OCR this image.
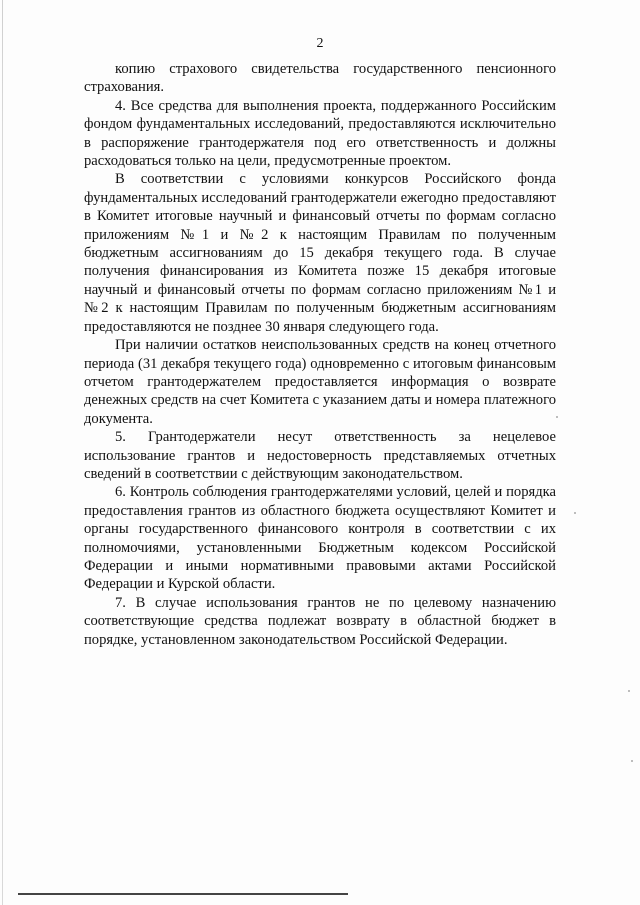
2

копию страхового свидетельства государственного пенсионного страхования.

4. Все средства для выполнения проекта, поддержанного Российским фондом фундаментальных исследований, предоставляются исключительно в распоряжение грантодержателя под его ответственность и должны расходоваться только на цели, предусмотренные проектом.

В соответствии с условиями конкурсов Российского фонда фундаментальных исследований грантодержатели ежегодно предоставляют в Комитет итоговые научный и финансовый отчеты по формам согласно приложениям №1 и №2 к настоящим Правилам по полученным бюджетным ассигнованиям до 15 декабря текущего года. В случае получения финансирования из Комитета позже 15 декабря итоговые научный и финансовый отчеты по формам согласно приложениям №1 и №2 к настоящим Правилам по полученным бюджетным ассигнованиям предоставляются не позднее 30 января следующего года.

При наличии остатков неиспользованных средств на конец отчетного периода (31 декабря текущего года) одновременно с итоговым финансовым отчетом грантодержателем предоставляется информация о возврате денежных средств на счет Комитета с указанием даты и номера платежного документа.

5. Грантодержатели несут ответственность за нецелевое использование грантов и недостоверность представляемых отчетных сведений в соответствии с действующим законодательством.

6. Контроль соблюдения грантодержателями условий, целей и порядка предоставления грантов из областного бюджета осуществляют Комитет и органы государственного финансового контроля в соответствии с их полномочиями, установленными Бюджетным кодексом Российской Федерации и иными нормативными правовыми актами Российской Федерации и Курской области.

7. В случае использования грантов не по целевому назначению соответствующие средства подлежат возврату в областной бюджет в порядке, установленном законодательством Российской Федерации.
